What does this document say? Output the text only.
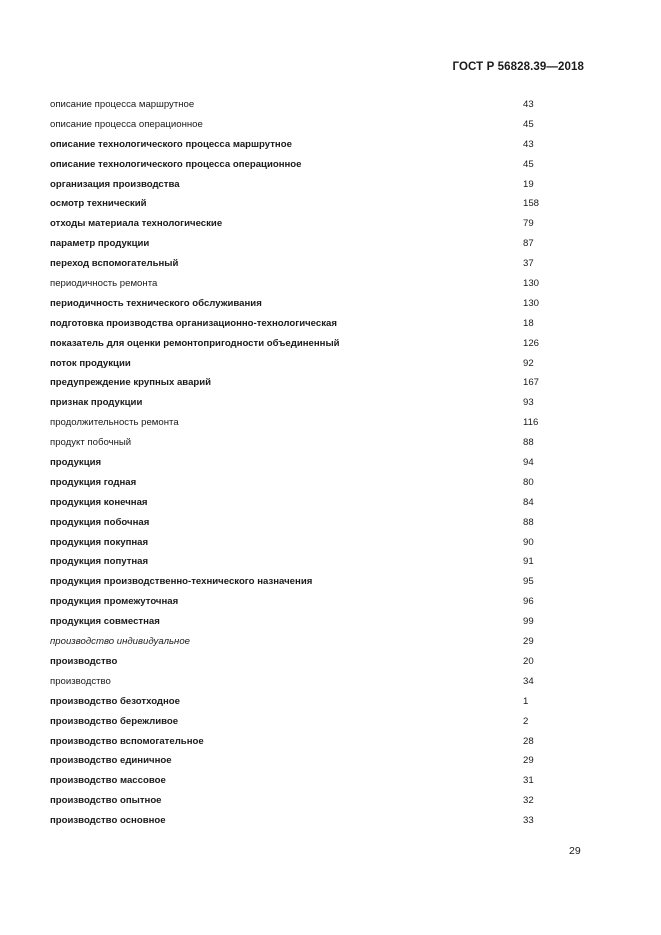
ГОСТ Р 56828.39—2018
описание процесса маршрутное	43
описание процесса операционное	45
описание технологического процесса маршрутное	43
описание технологического процесса операционное	45
организация производства	19
осмотр технический	158
отходы материала технологические	79
параметр продукции	87
переход вспомогательный	37
периодичность ремонта	130
периодичность технического обслуживания	130
подготовка производства организационно-технологическая	18
показатель для оценки ремонтопригодности объединенный	126
поток продукции	92
предупреждение крупных аварий	167
признак продукции	93
продолжительность ремонта	116
продукт побочный	88
продукция	94
продукция годная	80
продукция конечная	84
продукция побочная	88
продукция покупная	90
продукция попутная	91
продукция производственно-технического назначения	95
продукция промежуточная	96
продукция совместная	99
производство индивидуальное	29
производство	20
производство	34
производство безотходное	1
производство бережливое	2
производство вспомогательное	28
производство единичное	29
производство массовое	31
производство опытное	32
производство основное	33
29
